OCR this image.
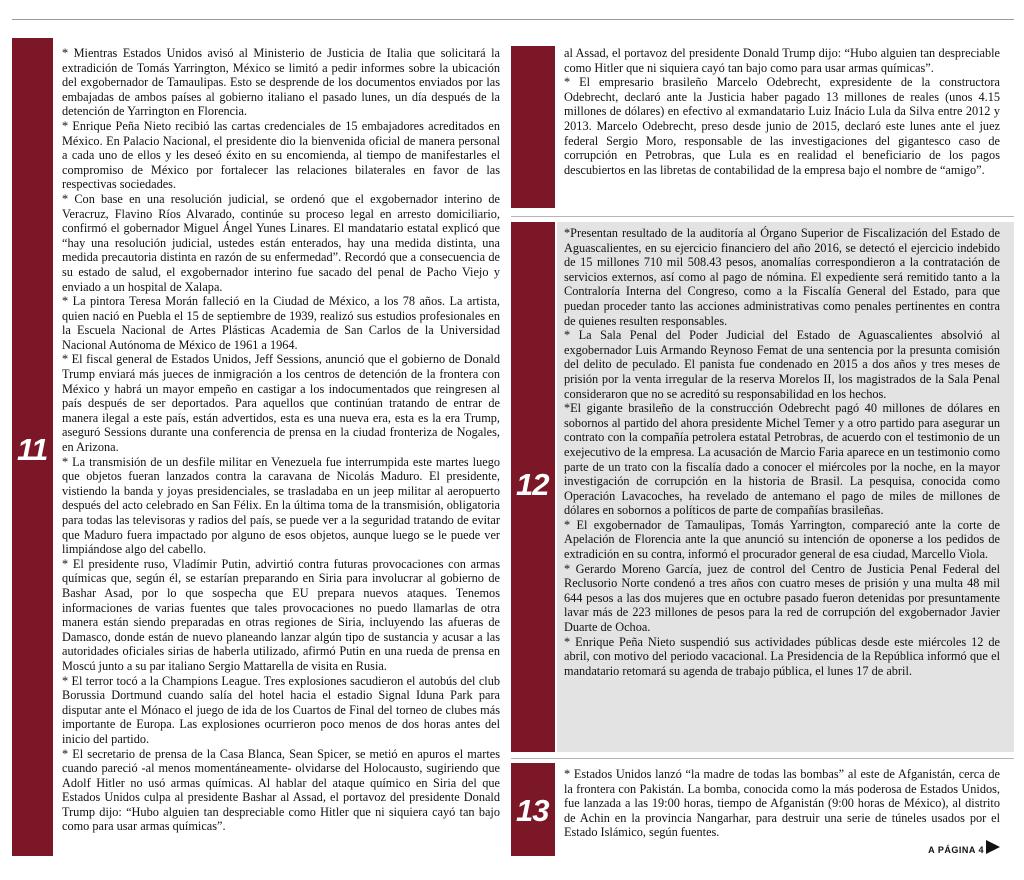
11

* Mientras Estados Unidos avisó al Ministerio de Justicia de Italia que solicitará la extradición de Tomás Yarrington, México se limitó a pedir informes sobre la ubicación del exgobernador de Tamaulipas. Esto se desprende de los documentos enviados por las embajadas de ambos países al gobierno italiano el pasado lunes, un día después de la detención de Yarrington en Florencia.

* Enrique Peña Nieto recibió las cartas credenciales de 15 embajadores acreditados en México. En Palacio Nacional, el presidente dio la bienvenida oficial de manera personal a cada uno de ellos y les deseó éxito en su encomienda, al tiempo de manifestarles el compromiso de México por fortalecer las relaciones bilaterales en favor de las respectivas sociedades.

* Con base en una resolución judicial, se ordenó que el exgobernador interino de Veracruz, Flavino Ríos Alvarado, continúe su proceso legal en arresto domiciliario, confirmó el gobernador Miguel Ángel Yunes Linares. El mandatario estatal explicó que “hay una resolución judicial, ustedes están enterados, hay una medida distinta, una medida precautoria distinta en razón de su enfermedad”. Recordó que a consecuencia de su estado de salud, el exgobernador interino fue sacado del penal de Pacho Viejo y enviado a un hospital de Xalapa.

* La pintora Teresa Morán falleció en la Ciudad de México, a los 78 años. La artista, quien nació en Puebla el 15 de septiembre de 1939, realizó sus estudios profesionales en la Escuela Nacional de Artes Plásticas Academia de San Carlos de la Universidad Nacional Autónoma de México de 1961 a 1964.

* El fiscal general de Estados Unidos, Jeff Sessions, anunció que el gobierno de Donald Trump enviará más jueces de inmigración a los centros de detención de la frontera con México y habrá un mayor empeño en castigar a los indocumentados que reingresen al país después de ser deportados. Para aquellos que continúan tratando de entrar de manera ilegal a este país, están advertidos, esta es una nueva era, esta es la era Trump, aseguró Sessions durante una conferencia de prensa en la ciudad fronteriza de Nogales, en Arizona.

* La transmisión de un desfile militar en Venezuela fue interrumpida este martes luego que objetos fueran lanzados contra la caravana de Nicolás Maduro. El presidente, vistiendo la banda y joyas presidenciales, se trasladaba en un jeep militar al aeropuerto después del acto celebrado en San Félix. En la última toma de la transmisión, obligatoria para todas las televisoras y radios del país, se puede ver a la seguridad tratando de evitar que Maduro fuera impactado por alguno de esos objetos, aunque luego se le puede ver limpiándose algo del cabello.

* El presidente ruso, Vladímir Putin, advirtió contra futuras provocaciones con armas químicas que, según él, se estarían preparando en Siria para involucrar al gobierno de Bashar Asad, por lo que sospecha que EU prepara nuevos ataques. Tenemos informaciones de varias fuentes que tales provocaciones no puedo llamarlas de otra manera están siendo preparadas en otras regiones de Siria, incluyendo las afueras de Damasco, donde están de nuevo planeando lanzar algún tipo de sustancia y acusar a las autoridades oficiales sirias de haberla utilizado, afirmó Putin en una rueda de prensa en Moscú junto a su par italiano Sergio Mattarella de visita en Rusia.

* El terror tocó a la Champions League. Tres explosiones sacudieron el autobús del club Borussia Dortmund cuando salía del hotel hacia el estadio Signal Iduna Park para disputar ante el Mónaco el juego de ida de los Cuartos de Final del torneo de clubes más importante de Europa. Las explosiones ocurrieron poco menos de dos horas antes del inicio del partido.

* El secretario de prensa de la Casa Blanca, Sean Spicer, se metió en apuros el martes cuando pareció -al menos momentáneamente- olvidarse del Holocausto, sugiriendo que Adolf Hitler no usó armas químicas. Al hablar del ataque químico en Siria del que Estados Unidos culpa al presidente Bashar al Assad, el portavoz del presidente Donald Trump dijo: “Hubo alguien tan despreciable como Hitler que ni siquiera cayó tan bajo como para usar armas químicas”.

al Assad, el portavoz del presidente Donald Trump dijo: “Hubo alguien tan despreciable como Hitler que ni siquiera cayó tan bajo como para usar armas químicas”.

* El empresario brasileño Marcelo Odebrecht, expresidente de la constructora Odebrecht, declaró ante la Justicia haber pagado 13 millones de reales (unos 4.15 millones de dólares) en efectivo al exmandatario Luiz Inácio Lula da Silva entre 2012 y 2013. Marcelo Odebrecht, preso desde junio de 2015, declaró este lunes ante el juez federal Sergio Moro, responsable de las investigaciones del gigantesco caso de corrupción en Petrobras, que Lula es en realidad el beneficiario de los pagos descubiertos en las libretas de contabilidad de la empresa bajo el nombre de “amigo”.

12

*Presentan resultado de la auditoría al Órgano Superior de Fiscalización del Estado de Aguascalientes, en su ejercicio financiero del año 2016, se detectó el ejercicio indebido de 15 millones 710 mil 508.43 pesos, anomalías correspondieron a la contratación de servicios externos, así como al pago de nómina. El expediente será remitido tanto a la Contraloría Interna del Congreso, como a la Fiscalía General del Estado, para que puedan proceder tanto las acciones administrativas como penales pertinentes en contra de quienes resulten responsables.

* La Sala Penal del Poder Judicial del Estado de Aguascalientes absolvió al exgobernador Luis Armando Reynoso Femat de una sentencia por la presunta comisión del delito de peculado. El panista fue condenado en 2015 a dos años y tres meses de prisión por la venta irregular de la reserva Morelos II, los magistrados de la Sala Penal consideraron que no se acreditó su responsabilidad en los hechos.

*El gigante brasileño de la construcción Odebrecht pagó 40 millones de dólares en sobornos al partido del ahora presidente Michel Temer y a otro partido para asegurar un contrato con la compañía petrolera estatal Petrobras, de acuerdo con el testimonio de un exejecutivo de la empresa. La acusación de Marcio Faria aparece en un testimonio como parte de un trato con la fiscalía dado a conocer el miércoles por la noche, en la mayor investigación de corrupción en la historia de Brasil. La pesquisa, conocida como Operación Lavacoches, ha revelado de antemano el pago de miles de millones de dólares en sobornos a políticos de parte de compañías brasileñas.

* El exgobernador de Tamaulipas, Tomás Yarrington, compareció ante la corte de Apelación de Florencia ante la que anunció su intención de oponerse a los pedidos de extradición en su contra, informó el procurador general de esa ciudad, Marcello Viola.

* Gerardo Moreno García, juez de control del Centro de Justicia Penal Federal del Reclusorio Norte condenó a tres años con cuatro meses de prisión y una multa 48 mil 644 pesos a las dos mujeres que en octubre pasado fueron detenidas por presuntamente lavar más de 223 millones de pesos para la red de corrupción del exgobernador Javier Duarte de Ochoa.

* Enrique Peña Nieto suspendió sus actividades públicas desde este miércoles 12 de abril, con motivo del periodo vacacional. La Presidencia de la República informó que el mandatario retomará su agenda de trabajo pública, el lunes 17 de abril.

13

* Estados Unidos lanzó “la madre de todas las bombas” al este de Afganistán, cerca de la frontera con Pakistán. La bomba, conocida como la más poderosa de Estados Unidos, fue lanzada a las 19:00 horas, tiempo de Afganistán (9:00 horas de México), al distrito de Achin en la provincia Nangarhar, para destruir una serie de túneles usados por el Estado Islámico, según fuentes.

A PÁGINA 4
